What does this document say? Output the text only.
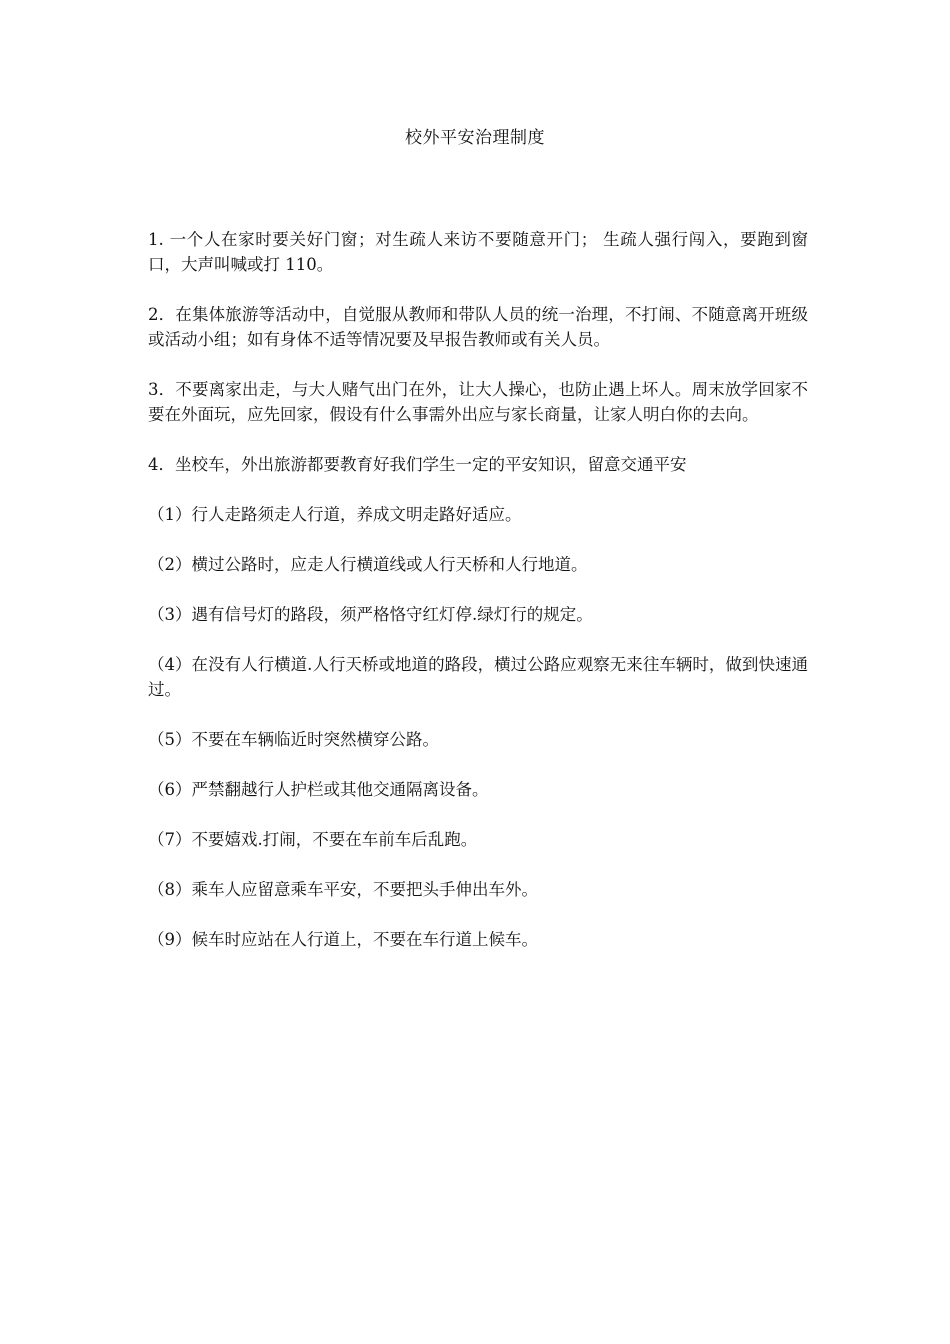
校外平安治理制度

1. 一个人在家时要关好门窗；对生疏人来访不要随意开门； 生疏人强行闯入，要跑到窗口，大声叫喊或打 110。

2．在集体旅游等活动中，自觉服从教师和带队人员的统一治理，不打闹、不随意离开班级或活动小组；如有身体不适等情况要及早报告教师或有关人员。

3．不要离家出走，与大人赌气出门在外，让大人操心，也防止遇上坏人。周末放学回家不要在外面玩，应先回家，假设有什么事需外出应与家长商量，让家人明白你的去向。

4．坐校车，外出旅游都要教育好我们学生一定的平安知识，留意交通平安

（1）行人走路须走人行道，养成文明走路好适应。

（2）横过公路时，应走人行横道线或人行天桥和人行地道。

（3）遇有信号灯的路段，须严格恪守红灯停.绿灯行的规定。

（4）在没有人行横道.人行天桥或地道的路段，横过公路应观察无来往车辆时，做到快速通过。

（5）不要在车辆临近时突然横穿公路。

（6）严禁翻越行人护栏或其他交通隔离设备。

（7）不要嬉戏.打闹，不要在车前车后乱跑。

（8）乘车人应留意乘车平安，不要把头手伸出车外。

（9）候车时应站在人行道上，不要在车行道上候车。
